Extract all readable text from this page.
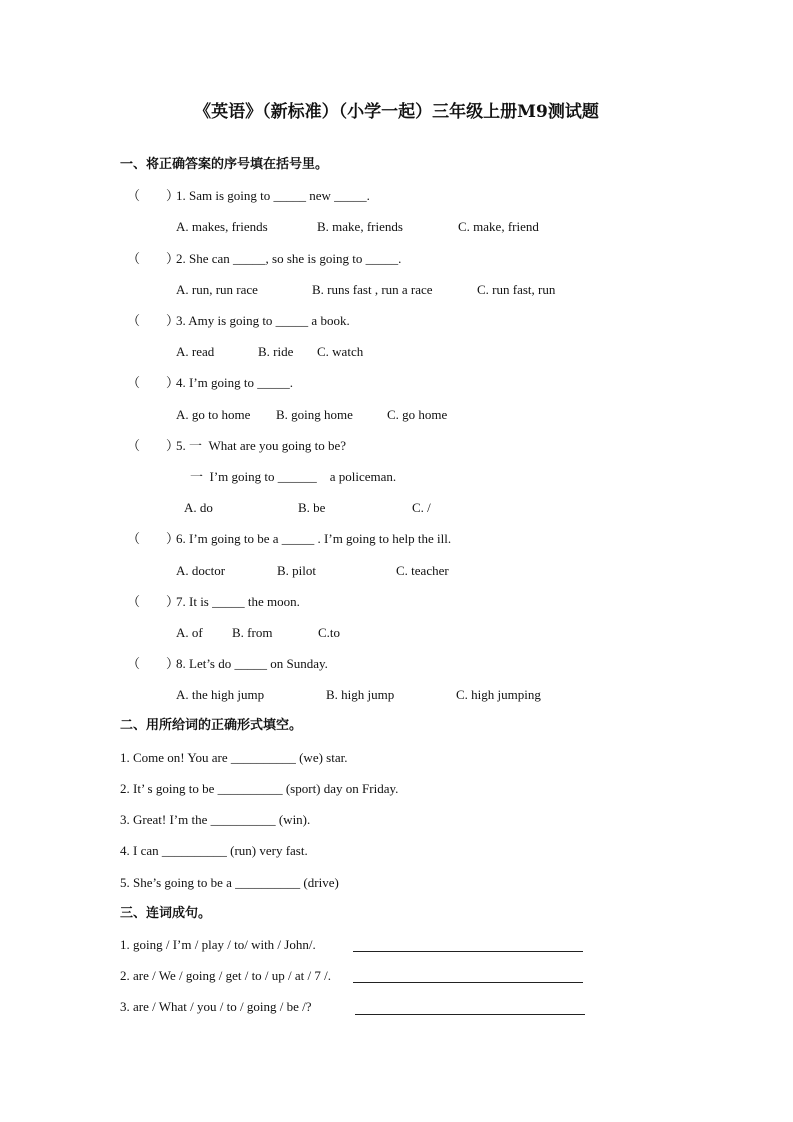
《英语》（新标准）（小学一起）三年级上册M9测试题
一、将正确答案的序号填在括号里。
（　　）
1. Sam is going to _____ new _____.
A. makes, friends	B. make, friends	C. make, friend
（　　）
2. She can _____, so she is going to _____.
A. run, run race	B. runs fast , run a race	C. run fast, run
（　　）
3. Amy is going to _____ a book.
A. read	B. ride C. watch
（　　）
4. I’m going to _____.
A. go to home B. going home	C. go home
（　　）
5. 一  What are you going to be?
一  I’m going to ______    a policeman.
A. do	B. be	C. /
（　　）
6. I’m going to be a _____ . I’m going to help the ill.
A. doctor	B. pilot	C. teacher
（　　）
7. It is _____ the moon.
A. of B. from	C.to
（　　）
8. Let’s do _____ on Sunday.
A. the high jump	B. high jump	C. high jumping
二、用所给词的正确形式填空。
1. Come on! You are __________ (we) star.
2. It’ s going to be __________ (sport) day on Friday.
3. Great! I’m the __________ (win).
4. I can __________ (run) very fast.
5. She’s going to be a __________ (drive)
三、连词成句。
1. going / I’m / play / to/ with / John/.
2. are / We / going / get / to / up / at / 7 /.
3. are / What / you / to / going / be /?
